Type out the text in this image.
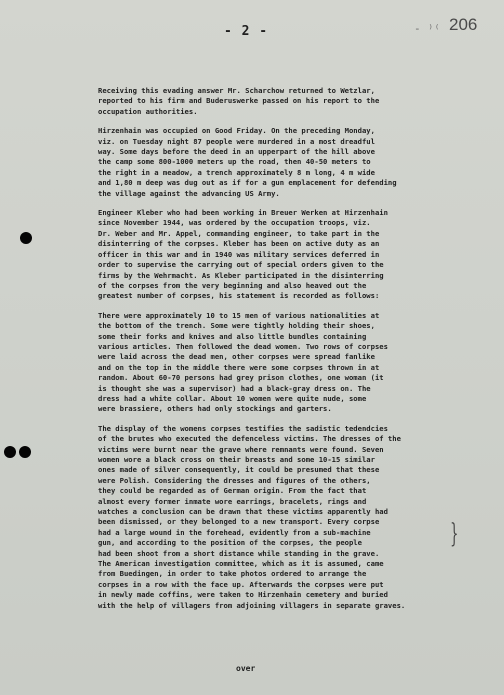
- 2 -	- ⁾⁽ 206

Receiving this evading answer Mr. Scharchow returned to Wetzlar,
reported to his firm and Buderuswerke passed on his report to the
occupation authorities.

Hirzenhain was occupied on Good Friday. On the preceding Monday,
viz. on Tuesday night 87 people were murdered in a most dreadful
way. Some days before the deed in an upperpart of the hill above
the camp some 800-1000 meters up the road, then 40-50 meters to
the right in a meadow, a trench approximately 8 m long, 4 m wide
and 1,80 m deep was dug out as if for a gun emplacement for defending
the village against the advancing US Army.

Engineer Kleber who had been working in Breuer Werken at Hirzenhain
since November 1944, was ordered by the occupation troops, viz.
Dr. Weber and Mr. Appel, commanding engineer, to take part in the
disinterring of the corpses. Kleber has been on active duty as an
officer in this war and in 1940 was military services deferred in
order to supervise the carrying out of special orders given to the
firms by the Wehrmacht. As Kleber participated in the disinterring
of the corpses from the very beginning and also heaved out the
greatest number of corpses, his statement is recorded as follows:

There were approximately 10 to 15 men of various nationalities at
the bottom of the trench. Some were tightly holding their shoes,
some their forks and knives and also little bundles containing
various articles. Then followed the dead women. Two rows of corpses
were laid across the dead men, other corpses were spread fanlike
and on the top in the middle there were some corpses thrown in at
random. About 60-70 persons had grey prison clothes, one woman (it
is thought she was a supervisor) had a black-gray dress on. The
dress had a white collar. About 10 women were quite nude, some
were brassiere, others had only stockings and garters.

The display of the womens corpses testifies the sadistic tedendcies
of the brutes who executed the defenceless victims. The dresses of the
victims were burnt near the grave where remnants were found. Seven
women wore a black cross on their breasts and some 10-15 similar
ones made of silver consequently, it could be presumed that these
were Polish. Considering the dresses and figures of the others,
they could be regarded as of German origin. From the fact that
almost every former inmate wore earrings, bracelets, rings and
watches a conclusion can be drawn that these victims apparently had
been dismissed, or they belonged to a new transport. Every corpse
had a large wound in the forehead, evidently from a sub-machine
gun, and according to the position of the corpses, the people
had been shoot from a short distance while standing in the grave.
The American investigation committee, which as it is assumed, came
from Buedingen, in order to take photos ordered to arrange the
corpses in a row with the face up. Afterwards the corpses were put
in newly made coffins, were taken to Hirzenhain cemetery and buried
with the help of villagers from adjoining villagers in separate graves.

}
over
